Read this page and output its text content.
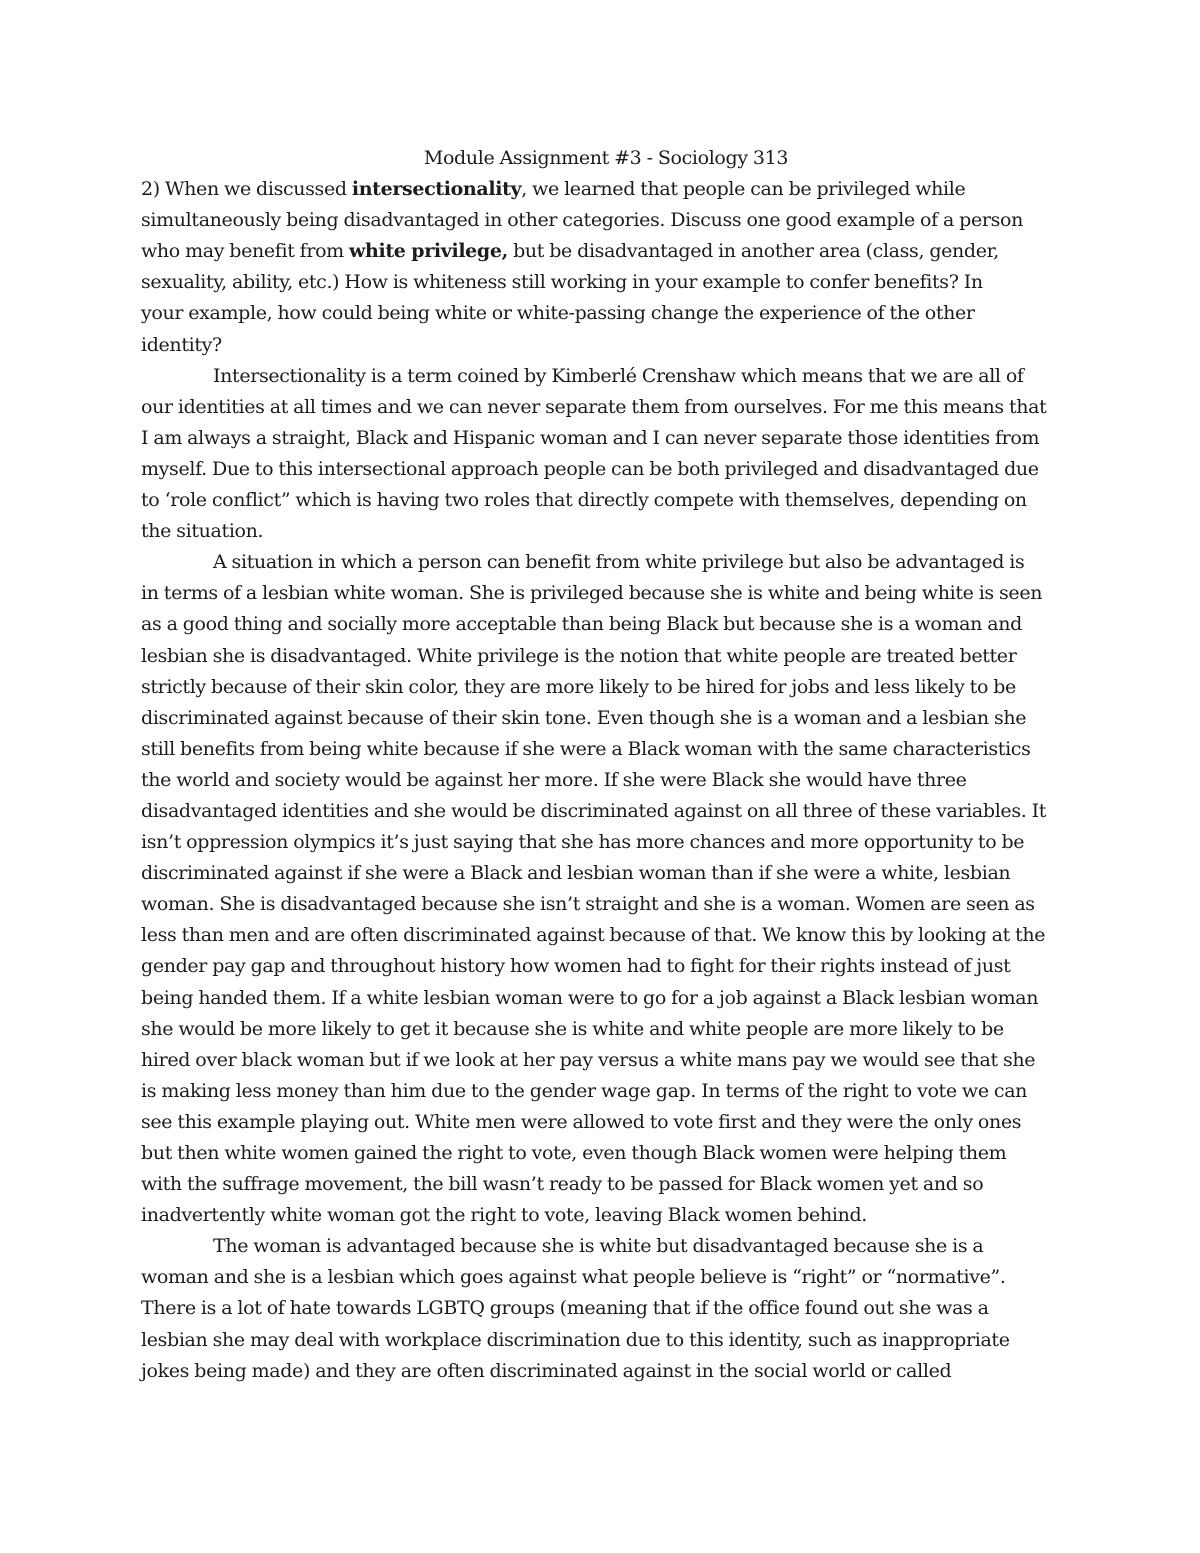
Module Assignment #3 - Sociology 313
2) When we discussed intersectionality, we learned that people can be privileged while
simultaneously being disadvantaged in other categories. Discuss one good example of a person
who may benefit from white privilege, but be disadvantaged in another area (class, gender,
sexuality, ability, etc.) How is whiteness still working in your example to confer benefits? In
your example, how could being white or white-passing change the experience of the other
identity?
Intersectionality is a term coined by Kimberlé Crenshaw which means that we are all of
our identities at all times and we can never separate them from ourselves. For me this means that
I am always a straight, Black and Hispanic woman and I can never separate those identities from
myself. Due to this intersectional approach people can be both privileged and disadvantaged due
to ‘role conflict” which is having two roles that directly compete with themselves, depending on
the situation.
A situation in which a person can benefit from white privilege but also be advantaged is
in terms of a lesbian white woman. She is privileged because she is white and being white is seen
as a good thing and socially more acceptable than being Black but because she is a woman and
lesbian she is disadvantaged. White privilege is the notion that white people are treated better
strictly because of their skin color, they are more likely to be hired for jobs and less likely to be
discriminated against because of their skin tone. Even though she is a woman and a lesbian she
still benefits from being white because if she were a Black woman with the same characteristics
the world and society would be against her more. If she were Black she would have three
disadvantaged identities and she would be discriminated against on all three of these variables. It
isn’t oppression olympics it’s just saying that she has more chances and more opportunity to be
discriminated against if she were a Black and lesbian woman than if she were a white, lesbian
woman. She is disadvantaged because she isn’t straight and she is a woman. Women are seen as
less than men and are often discriminated against because of that. We know this by looking at the
gender pay gap and throughout history how women had to fight for their rights instead of just
being handed them. If a white lesbian woman were to go for a job against a Black lesbian woman
she would be more likely to get it because she is white and white people are more likely to be
hired over black woman but if we look at her pay versus a white mans pay we would see that she
is making less money than him due to the gender wage gap. In terms of the right to vote we can
see this example playing out. White men were allowed to vote first and they were the only ones
but then white women gained the right to vote, even though Black women were helping them
with the suffrage movement, the bill wasn’t ready to be passed for Black women yet and so
inadvertently white woman got the right to vote, leaving Black women behind.
The woman is advantaged because she is white but disadvantaged because she is a
woman and she is a lesbian which goes against what people believe is “right” or “normative”.
There is a lot of hate towards LGBTQ groups (meaning that if the office found out she was a
lesbian she may deal with workplace discrimination due to this identity, such as inappropriate
jokes being made) and they are often discriminated against in the social world or called
